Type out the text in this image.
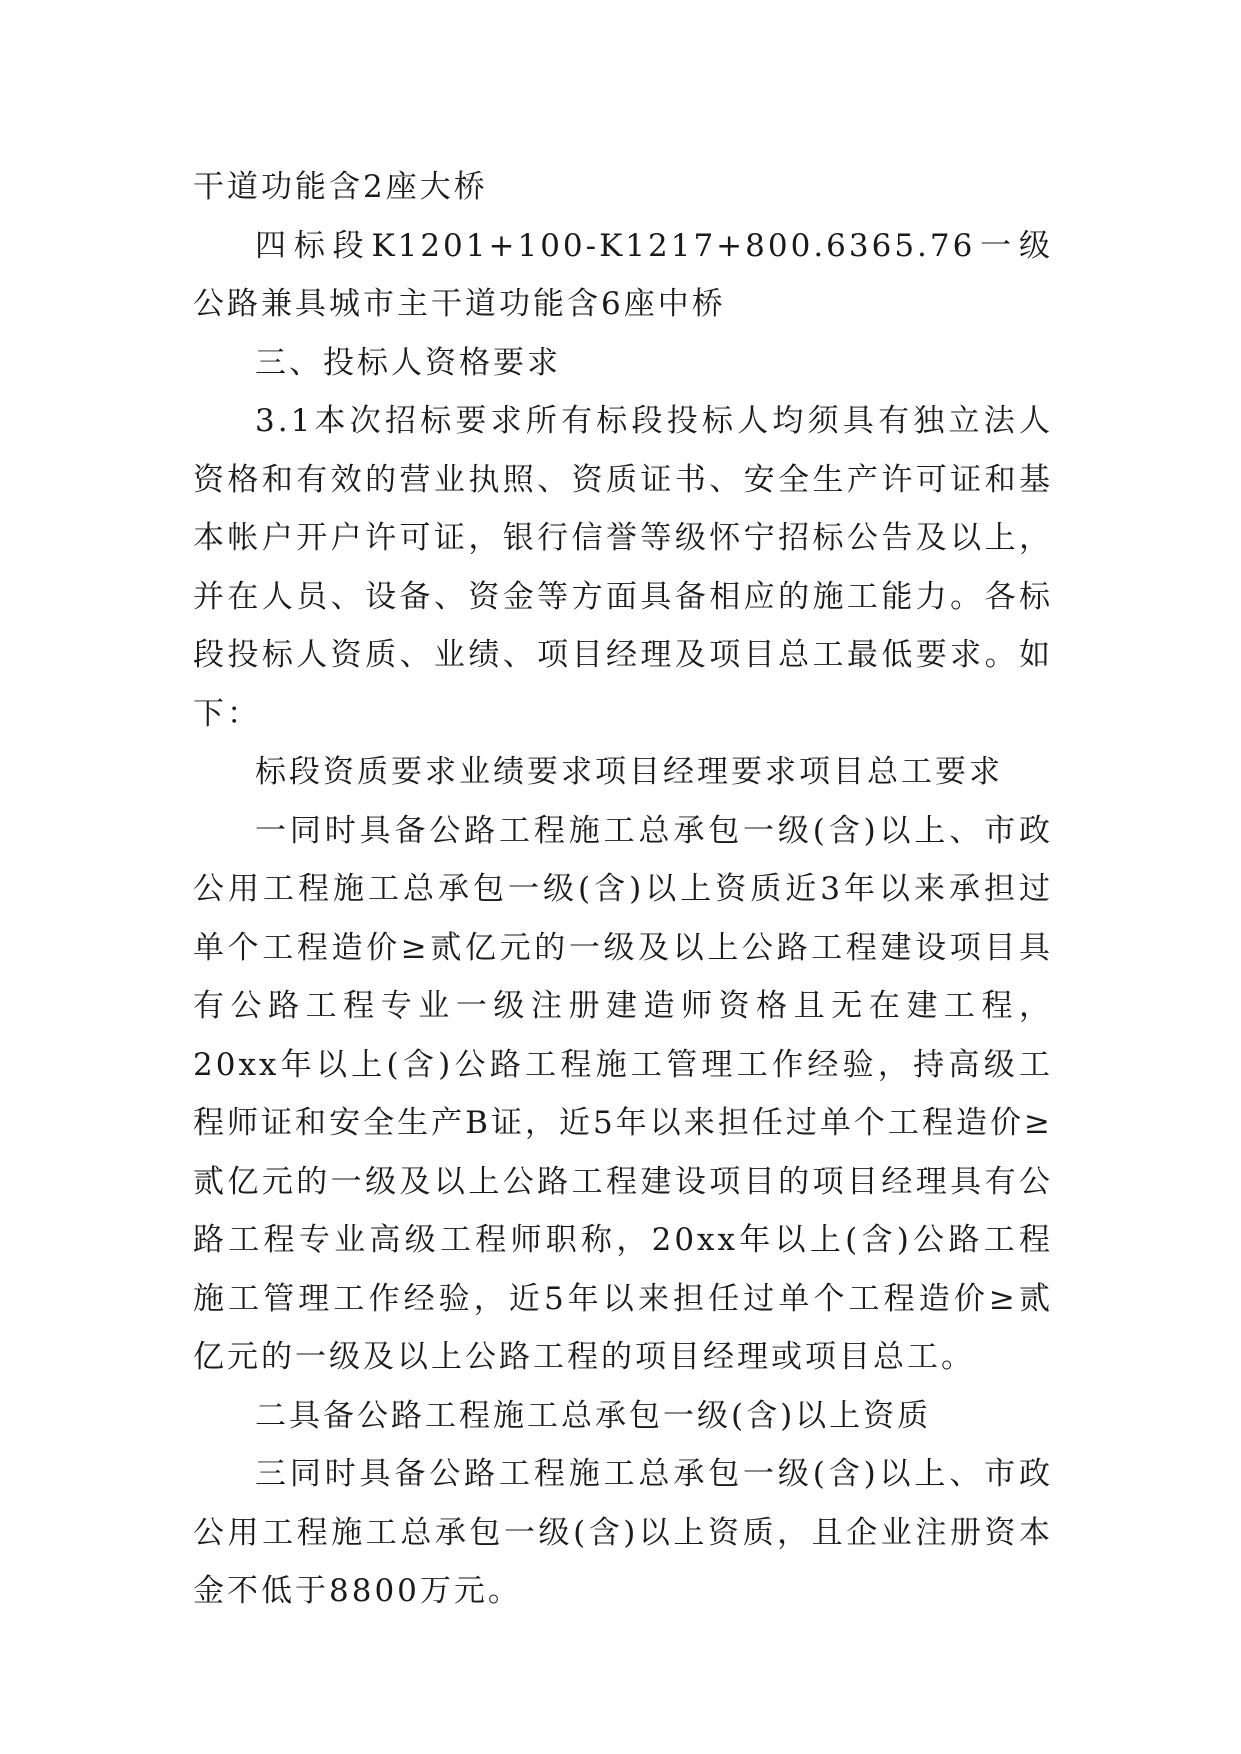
干道功能含2座大桥

四标段K1201+100-K1217+800.6365.76一级公路兼具城市主干道功能含6座中桥

三、投标人资格要求

3.1本次招标要求所有标段投标人均须具有独立法人资格和有效的营业执照、资质证书、安全生产许可证和基本帐户开户许可证，银行信誉等级怀宁招标公告及以上，并在人员、设备、资金等方面具备相应的施工能力。各标段投标人资质、业绩、项目经理及项目总工最低要求。如下：

标段资质要求业绩要求项目经理要求项目总工要求

一同时具备公路工程施工总承包一级(含)以上、市政公用工程施工总承包一级(含)以上资质近3年以来承担过单个工程造价≥贰亿元的一级及以上公路工程建设项目具有公路工程专业一级注册建造师资格且无在建工程，20xx年以上(含)公路工程施工管理工作经验，持高级工程师证和安全生产B证，近5年以来担任过单个工程造价≥贰亿元的一级及以上公路工程建设项目的项目经理具有公路工程专业高级工程师职称，20xx年以上(含)公路工程施工管理工作经验，近5年以来担任过单个工程造价≥贰亿元的一级及以上公路工程的项目经理或项目总工。

二具备公路工程施工总承包一级(含)以上资质

三同时具备公路工程施工总承包一级(含)以上、市政公用工程施工总承包一级(含)以上资质，且企业注册资本金不低于8800万元。
